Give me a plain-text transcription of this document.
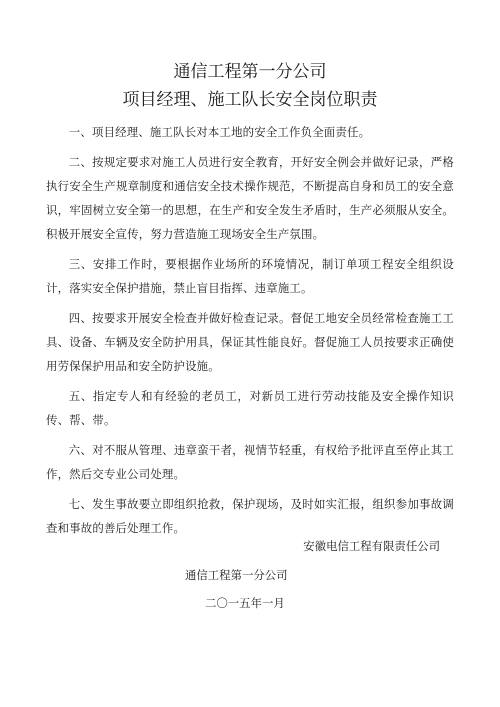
通信工程第一分公司
项目经理、施工队长安全岗位职责

一、项目经理、施工队长对本工地的安全工作负全面责任。

二、按规定要求对施工人员进行安全教育，开好安全例会并做好记录，严格执行安全生产规章制度和通信安全技术操作规范，不断提高自身和员工的安全意识，牢固树立安全第一的思想，在生产和安全发生矛盾时，生产必须服从安全。积极开展安全宣传，努力营造施工现场安全生产氛围。

三、安排工作时，要根据作业场所的环境情况，制订单项工程安全组织设计，落实安全保护措施，禁止盲目指挥、违章施工。

四、按要求开展安全检查并做好检查记录。督促工地安全员经常检查施工工具、设备、车辆及安全防护用具，保证其性能良好。督促施工人员按要求正确使用劳保保护用品和安全防护设施。

五、指定专人和有经验的老员工，对新员工进行劳动技能及安全操作知识传、帮、带。

六、对不服从管理、违章蛮干者，视情节轻重，有权给予批评直至停止其工作，然后交专业公司处理。

七、发生事故要立即组织抢救，保护现场，及时如实汇报，组织参加事故调查和事故的善后处理工作。

安徽电信工程有限责任公司
通信工程第一分公司
二〇一五年一月
